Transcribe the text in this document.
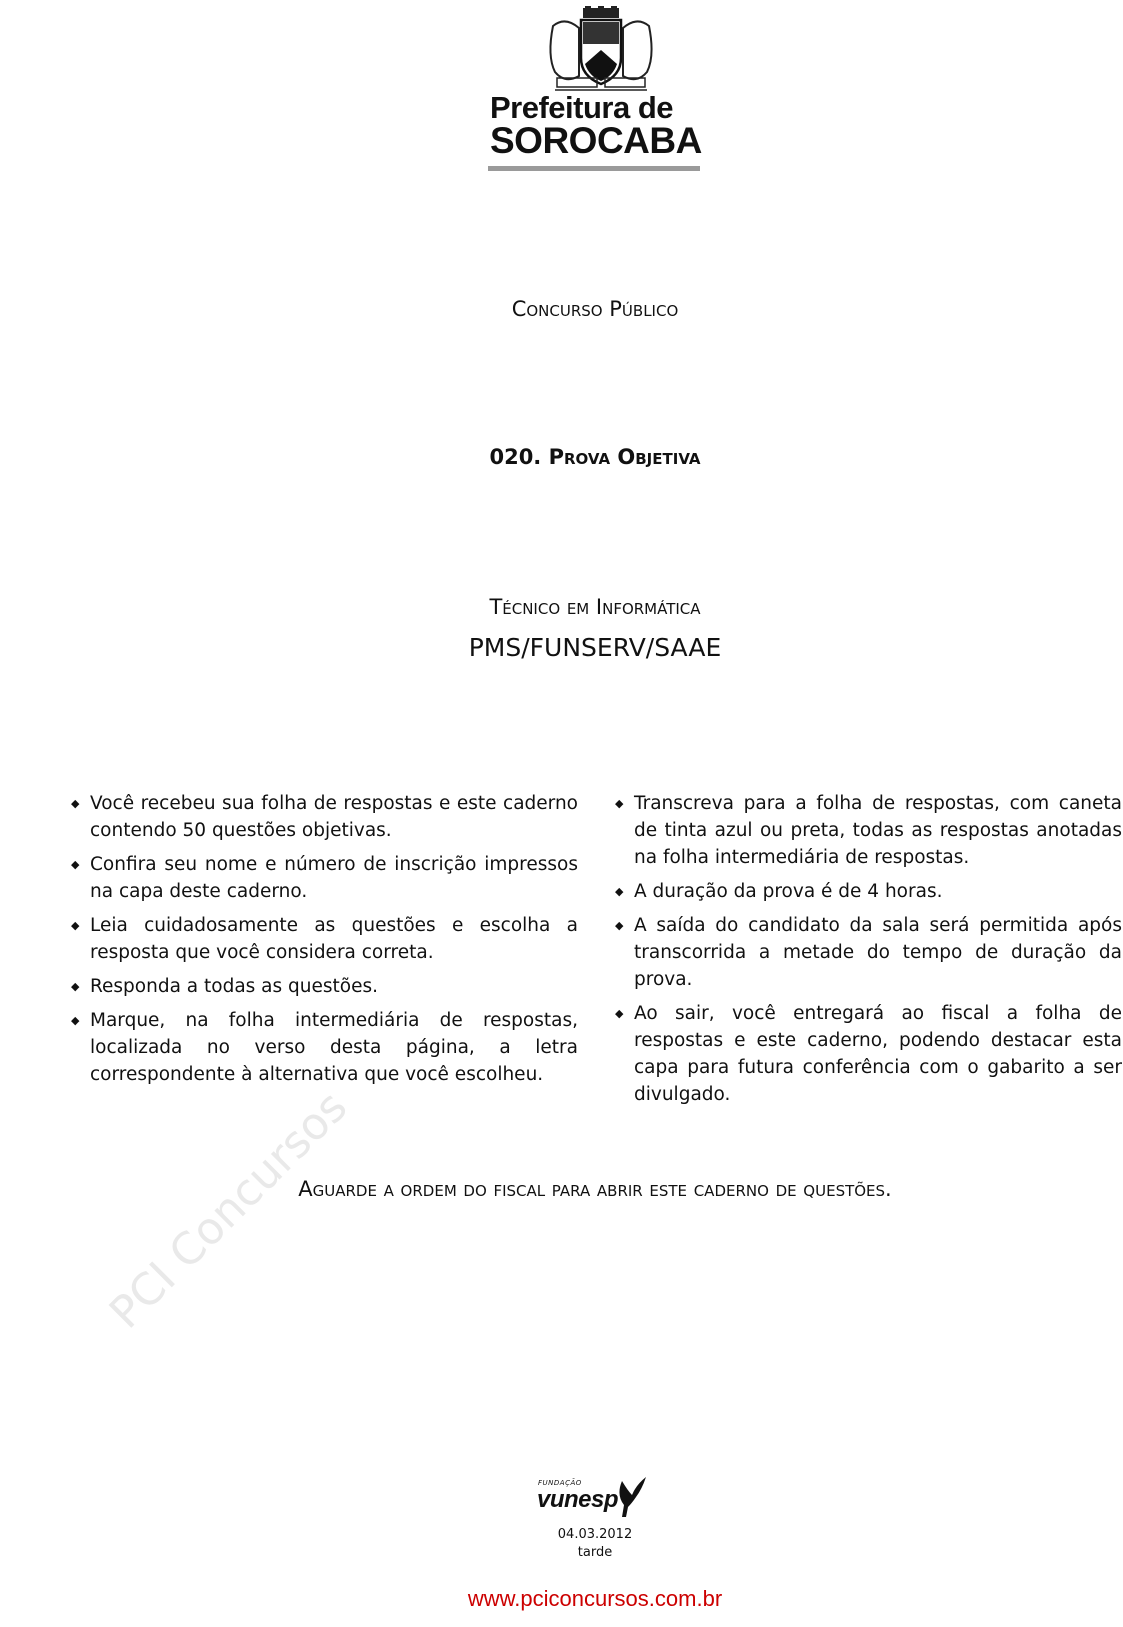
Prefeitura de
SOROCABA
Concurso Público
020. Prova Objetiva
Técnico em Informática
PMS/FUNSERV/SAAE
◆ Você recebeu sua folha de respostas e este caderno contendo 50 questões objetivas.
◆ Confira seu nome e número de inscrição impressos na capa deste caderno.
◆ Leia cuidadosamente as questões e escolha a resposta que você considera correta.
◆ Responda a todas as questões.
◆ Marque, na folha intermediária de respostas, localizada no verso desta página, a letra correspondente à alternativa que você escolheu.
◆ Transcreva para a folha de respostas, com caneta de tinta azul ou preta, todas as respostas anotadas na folha intermediária de respostas.
◆ A duração da prova é de 4 horas.
◆ A saída do candidato da sala será permitida após transcorrida a metade do tempo de duração da prova.
◆ Ao sair, você entregará ao fiscal a folha de respostas e este caderno, podendo destacar esta capa para futura conferência com o gabarito a ser divulgado.
Aguarde a ordem do fiscal para abrir este caderno de questões.
PCI Concursos
FUNDAÇÃO
vunesp
04.03.2012
tarde
www.pciconcursos.com.br
